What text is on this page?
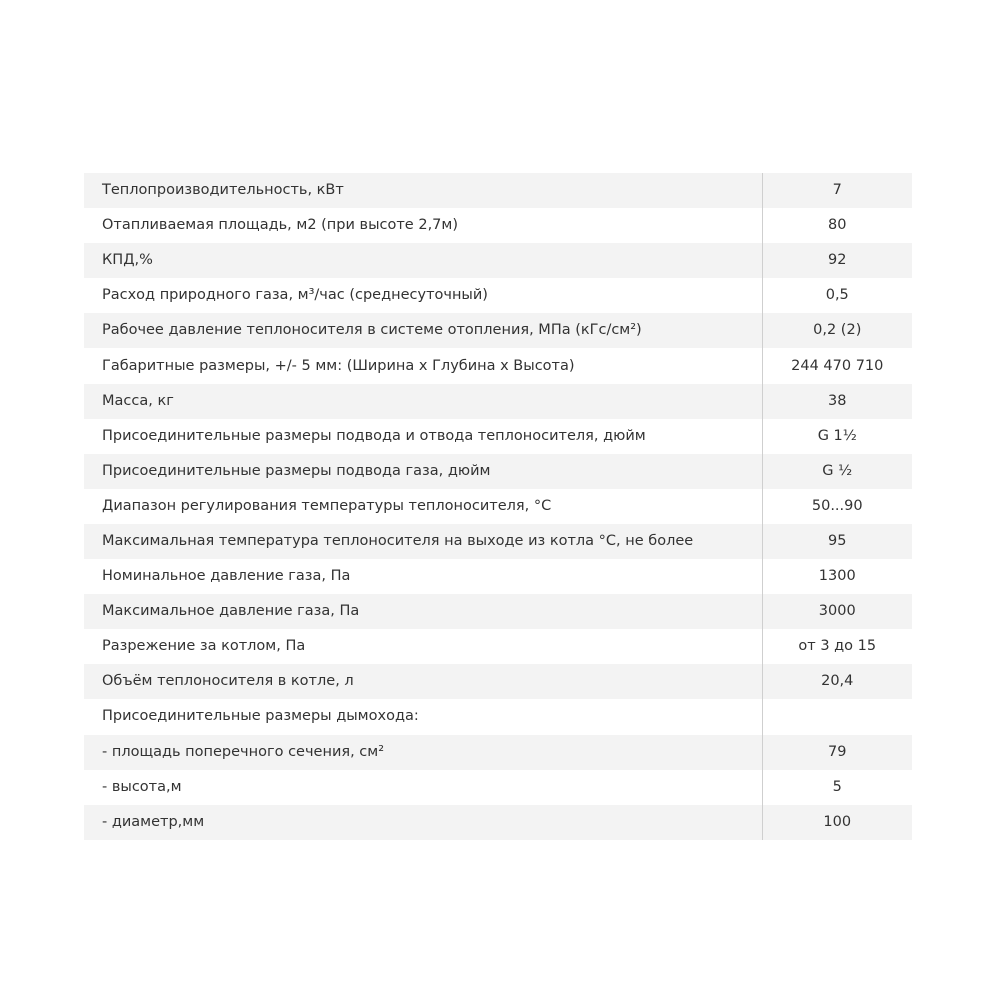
Теплопроизводительность, кВт	7
Отапливаемая площадь, м2 (при высоте 2,7м)	80
КПД,%	92
Расход природного газа, м³/час (среднесуточный)	0,5
Рабочее давление теплоносителя в системе отопления, МПа (кГс/см²)	0,2 (2)
Габаритные размеры, +/- 5 мм: (Ширина х Глубина х Высота)	244 470 710
Масса, кг	38
Присоединительные размеры подвода и отвода теплоносителя, дюйм	G 1½
Присоединительные размеры подвода газа, дюйм	G ½
Диапазон регулирования температуры теплоносителя, °С	50...90
Максимальная температура теплоносителя на выходе из котла °С, не более	95
Номинальное давление газа, Па	1300
Максимальное давление газа, Па	3000
Разрежение за котлом, Па	от 3 до 15
Объём теплоносителя в котле, л	20,4
Присоединительные размеры дымохода:	
- площадь поперечного сечения, см²	79
- высота,м	5
- диаметр,мм	100
